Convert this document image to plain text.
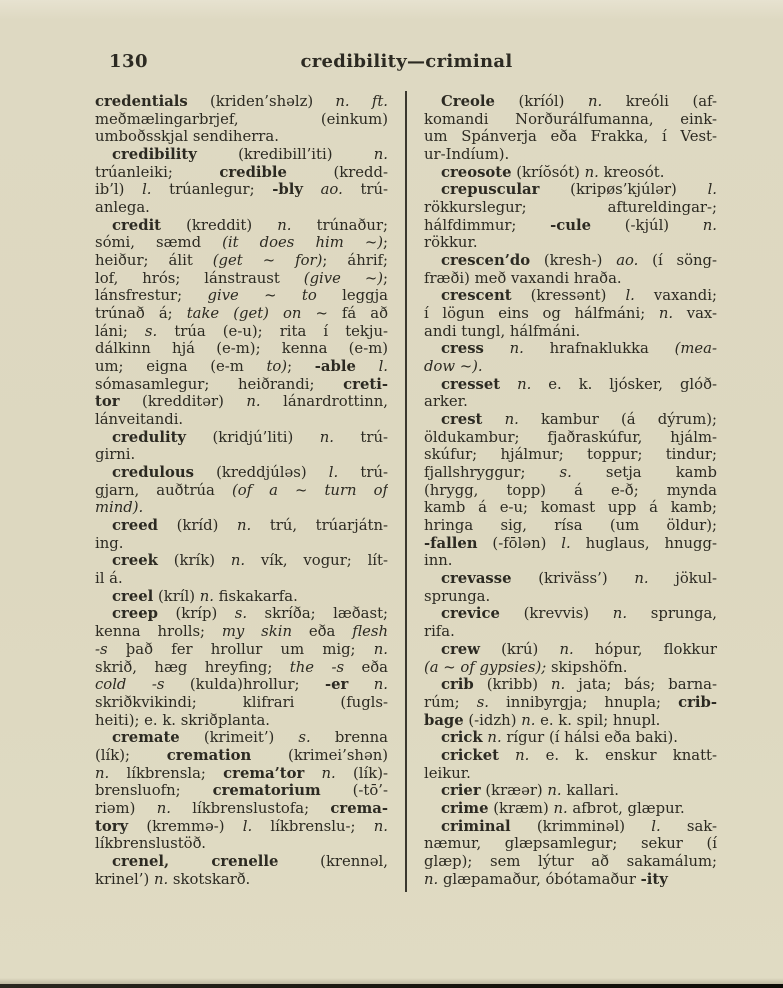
130	credibility—criminal
credentials (kriden’shəlz) n. ft.
meðmælingarbrjef, (einkum)
umboðsskjal sendiherra.
credibility (kredibill’iti) n.
trúanleiki; credible (kredd-
ib’l) l. trúanlegur; -bly ao. trú-
anlega.
credit (kreddit) n. trúnaður;
sómi, sæmd (it does him ~);
heiður; álit (get ~ for); áhrif;
lof, hrós; lánstraust (give ~);
lánsfrestur; give ~ to leggja
trúnað á; take (get) on ~ fá að
láni; s. trúa (e-u); rita í tekju-
dálkinn hjá (e-m); kenna (e-m)
um; eigna (e-m to); -able l.
sómasamlegur; heiðrandi; creti-
tor (kredditər) n. lánardrottinn,
lánveitandi.
credulity (kridjú’liti) n. trú-
girni.
credulous (kreddjúləs) l. trú-
gjarn, auðtrúa (of a ~ turn of
mind).
creed (kríd) n. trú, trúarjátn-
ing.
creek (krík) n. vík, vogur; lít-
il á.
creel (kríl) n. fiskakarfa.
creep (kríp) s. skríða; læðast;
kenna hrolls; my skin eða flesh
-s það fer hrollur um mig; n.
skrið, hæg hreyfing; the -s eða
cold -s (kulda)hrollur; -er n.
skriðkvikindi; klifrari (fugls-
heiti); e. k. skriðplanta.
cremate (krimeit’) s. brenna
(lík); cremation (krimei’shən)
n. líkbrensla; crema’tor n. (lík)-
brensluofn; crematorium (-tō’-
riəm) n. líkbrenslustofa; crema-
tory (kremmə-) l. líkbrenslu-; n.
líkbrenslustöð.
crenel, crenelle (krennəl,
krinel’) n. skotskarð.
Creole (kríól) n. kreóli (af-
komandi Norðurálfumanna, eink-
um Spánverja eða Frakka, í Vest-
ur-Indíum).
creosote (kríŏsót) n. kreosót.
crepuscular (kripøs’kjúlər) l.
rökkurslegur; aftureldingar-;
hálfdimmur; -cule (-kjúl) n.
rökkur.
crescen’do (kresh-) ao. (í söng-
fræði) með vaxandi hraða.
crescent (kressənt) l. vaxandi;
í lögun eins og hálfmáni; n. vax-
andi tungl, hálfmáni.
cress n. hrafnaklukka (mea-
dow ~).
cresset n. e. k. ljósker, glóð-
arker.
crest n. kambur (á dýrum);
öldukambur; fjaðraskúfur, hjálm-
skúfur; hjálmur; toppur; tindur;
fjallshryggur; s. setja kamb
(hrygg, topp) á e-ð; mynda
kamb á e-u; komast upp á kamb;
hringa sig, rísa (um öldur);
-fallen (-fōlən) l. huglaus, hnugg-
inn.
crevasse (kriväss’) n. jökul-
sprunga.
crevice (krevvis) n. sprunga,
rifa.
crew (krú) n. hópur, flokkur
(a ~ of gypsies); skipshöfn.
crib (kribb) n. jata; bás; barna-
rúm; s. innibyrgja; hnupla; crib-
bage (-idzh) n. e. k. spil; hnupl.
crick n. rígur (í hálsi eða baki).
cricket n. e. k. enskur knatt-
leikur.
crier (kræər) n. kallari.
crime (kræm) n. afbrot, glæpur.
criminal (krimminəl) l. sak-
næmur, glæpsamlegur; sekur (í
glæp); sem lýtur að sakamálum;
n. glæpamaður, óbótamaður -ity
